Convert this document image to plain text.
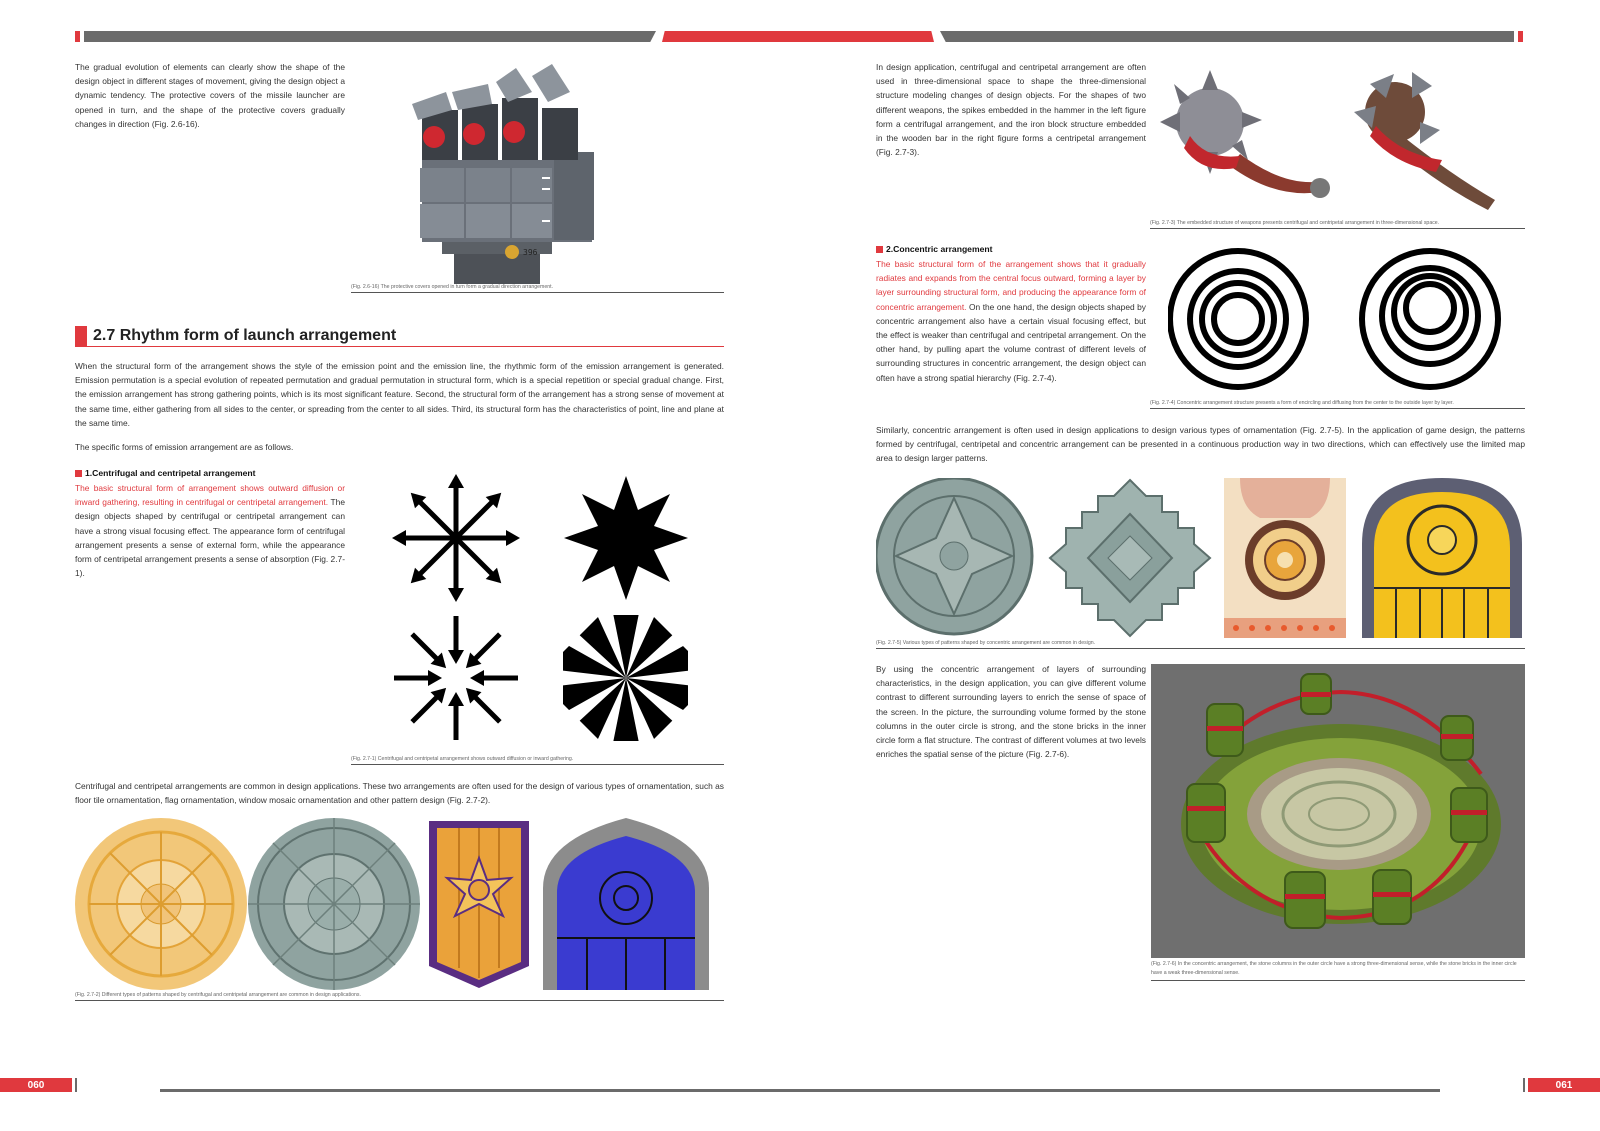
The gradual evolution of elements can clearly show the shape of the design object in different stages of movement, giving the design object a dynamic tendency. The protective covers of the missile launcher are opened in turn, and the shape of the protective covers gradually changes in direction (Fig. 2.6-16).

396
(Fig. 2.6-16) The protective covers opened in turn form a gradual direction arrangement.
2.7 Rhythm form of launch arrangement

When the structural form of the arrangement shows the style of the emission point and the emission line, the rhythmic form of the emission arrangement is generated. Emission permutation is a special evolution of repeated permutation and gradual permutation in structural form, which is a special repetition or special gradual change. First, the emission arrangement has strong gathering points, which is its most significant feature. Second, the structural form of the arrangement has a strong sense of movement at the same time, either gathering from all sides to the center, or spreading from the center to all sides. Third, its structural form has the characteristics of point, line and plane at the same time.

The specific forms of emission arrangement are as follows.

1.Centrifugal and centripetal arrangement

The basic structural form of arrangement shows outward diffusion or inward gathering, resulting in centrifugal or centripetal arrangement. The design objects shaped by centrifugal or centripetal arrangement can have a strong visual focusing effect. The appearance form of centrifugal arrangement presents a sense of external form, while the appearance form of centripetal arrangement presents a sense of absorption (Fig. 2.7-1).

(Fig. 2.7-1) Centrifugal and centripetal arrangement shows outward diffusion or inward gathering.

Centrifugal and centripetal arrangements are common in design applications. These two arrangements are often used for the design of various types of ornamentation, such as floor tile ornamentation, flag ornamentation, window mosaic ornamentation and other pattern design (Fig. 2.7-2).

(Fig. 2.7-2) Different types of patterns shaped by centrifugal and centripetal arrangement are common in design applications.

In design application, centrifugal and centripetal arrangement are often used in three-dimensional space to shape the three-dimensional structure modeling changes of design objects. For the shapes of two different weapons, the spikes embedded in the hammer in the left figure form a centrifugal arrangement, and the iron block structure embedded in the wooden bar in the right figure forms a centripetal arrangement (Fig. 2.7-3).

(Fig. 2.7-3) The embedded structure of weapons presents centrifugal and centripetal arrangement in three-dimensional space.
2.Concentric arrangement

The basic structural form of the arrangement shows that it gradually radiates and expands from the central focus outward, forming a layer by layer surrounding structural form, and producing the appearance form of concentric arrangement. On the one hand, the design objects shaped by concentric arrangement also have a certain visual focusing effect, but the effect is weaker than centrifugal and centripetal arrangement. On the other hand, by pulling apart the volume contrast of different levels of surrounding structures in concentric arrangement, the design object can often have a strong spatial hierarchy (Fig. 2.7-4).

(Fig. 2.7-4) Concentric arrangement structure presents a form of encircling and diffusing from the center to the outside layer by layer.

Similarly, concentric arrangement is often used in design applications to design various types of ornamentation (Fig. 2.7-5). In the application of game design, the patterns formed by centrifugal, centripetal and concentric arrangement can be presented in a continuous production way in two directions, which can effectively use the limited map area to design larger patterns.

(Fig. 2.7-5) Various types of patterns shaped by concentric arrangement are common in design.

By using the concentric arrangement of layers of surrounding characteristics, in the design application, you can give different volume contrast to different surrounding layers to enrich the sense of space of the screen. In the picture, the surrounding volume formed by the stone columns in the outer circle is strong, and the stone bricks in the inner circle form a flat structure. The contrast of different volumes at two levels enriches the spatial sense of the picture (Fig. 2.7-6).

(Fig. 2.7-6) In the concentric arrangement, the stone columns in the outer circle have a strong three-dimensional sense, while the stone bricks in the inner circle have a weak three-dimensional sense.
060	061
